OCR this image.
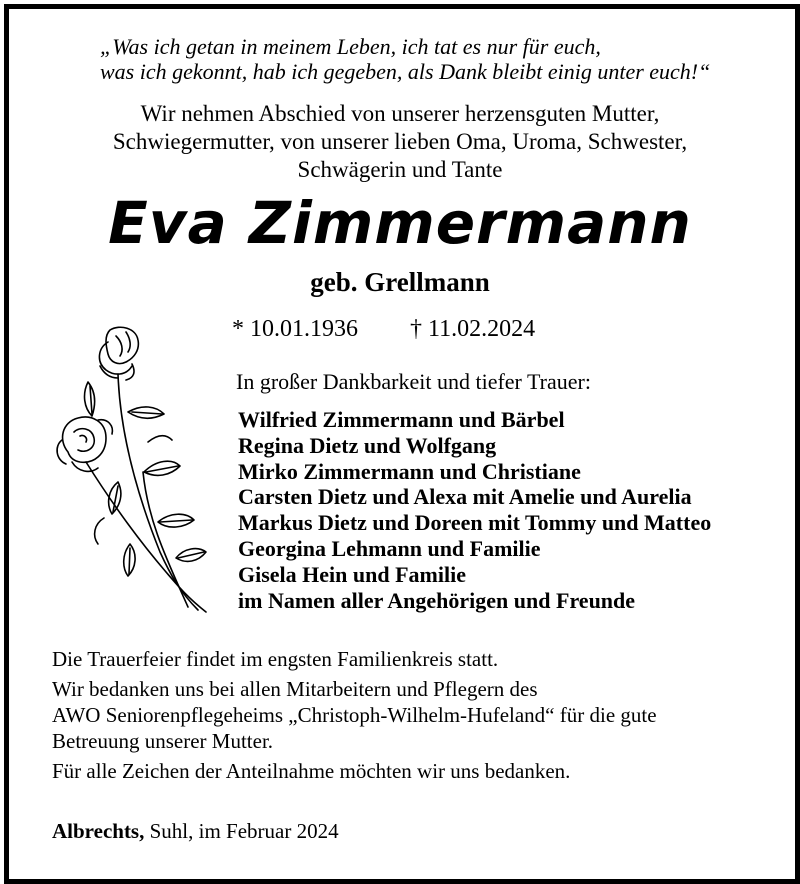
„Was ich getan in meinem Leben, ich tat es nur für euch,
was ich gekonnt, hab ich gegeben, als Dank bleibt einig unter euch!“
Wir nehmen Abschied von unserer herzensguten Mutter,
Schwiegermutter, von unserer lieben Oma, Uroma, Schwester,
Schwägerin und Tante
Eva Zimmermann
geb. Grellmann
* 10.01.1936 † 11.02.2024
In großer Dankbarkeit und tiefer Trauer:
Wilfried Zimmermann und Bärbel
Regina Dietz und Wolfgang
Mirko Zimmermann und Christiane
Carsten Dietz und Alexa mit Amelie und Aurelia
Markus Dietz und Doreen mit Tommy und Matteo
Georgina Lehmann und Familie
Gisela Hein und Familie
im Namen aller Angehörigen und Freunde

Die Trauerfeier findet im engsten Familienkreis statt.

Wir bedanken uns bei allen Mitarbeitern und Pflegern des
AWO Seniorenpflegeheims „Christoph-Wilhelm-Hufeland“ für die gute
Betreuung unserer Mutter.

Für alle Zeichen der Anteilnahme möchten wir uns bedanken.

Albrechts, Suhl, im Februar 2024
